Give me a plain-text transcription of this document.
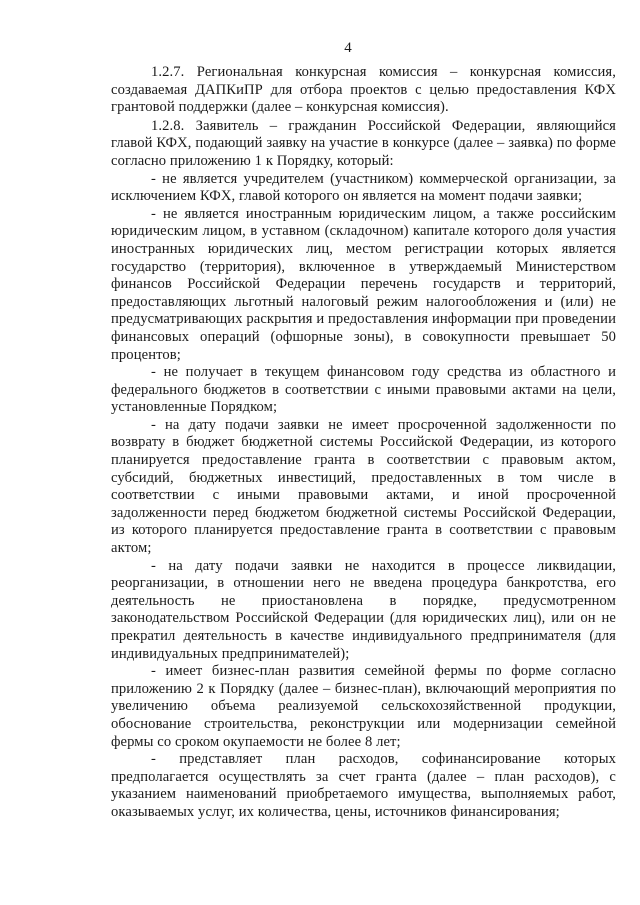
4

1.2.7. Региональная конкурсная комиссия – конкурсная комиссия, создаваемая ДАПКиПР для отбора проектов с целью предоставления КФХ грантовой поддержки (далее – конкурсная комиссия).

1.2.8. Заявитель – гражданин Российской Федерации, являющийся главой КФХ, подающий заявку на участие в конкурсе (далее – заявка) по форме согласно приложению 1 к Порядку, который:

- не является учредителем (участником) коммерческой организации, за исключением КФХ, главой которого он является на момент подачи заявки;

- не является иностранным юридическим лицом, а также российским юридическим лицом, в уставном (складочном) капитале которого доля участия иностранных юридических лиц, местом регистрации которых является государство (территория), включенное в утверждаемый Министерством финансов Российской Федерации перечень государств и территорий, предоставляющих льготный налоговый режим налогообложения и (или) не предусматривающих раскрытия и предоставления информации при проведении финансовых операций (офшорные зоны), в совокупности превышает 50 процентов;

- не получает в текущем финансовом году средства из областного и федерального бюджетов в соответствии с иными правовыми актами на цели, установленные Порядком;

- на дату подачи заявки не имеет просроченной задолженности по возврату в бюджет бюджетной системы Российской Федерации, из которого планируется предоставление гранта в соответствии с правовым актом, субсидий, бюджетных инвестиций, предоставленных в том числе в соответствии с иными правовыми актами, и иной просроченной задолженности перед бюджетом бюджетной системы Российской Федерации, из которого планируется предоставление гранта в соответствии с правовым актом;

- на дату подачи заявки не находится в процессе ликвидации, реорганизации, в отношении него не введена процедура банкротства, его деятельность не приостановлена в порядке, предусмотренном законодательством Российской Федерации (для юридических лиц), или он не прекратил деятельность в качестве индивидуального предпринимателя (для индивидуальных предпринимателей);

- имеет бизнес-план развития семейной фермы по форме согласно приложению 2 к Порядку (далее – бизнес-план), включающий мероприятия по увеличению объема реализуемой сельскохозяйственной продукции, обоснование строительства, реконструкции или модернизации семейной фермы со сроком окупаемости не более 8 лет;

- представляет план расходов, софинансирование которых предполагается осуществлять за счет гранта (далее – план расходов), с указанием наименований приобретаемого имущества, выполняемых работ, оказываемых услуг, их количества, цены, источников финансирования;
